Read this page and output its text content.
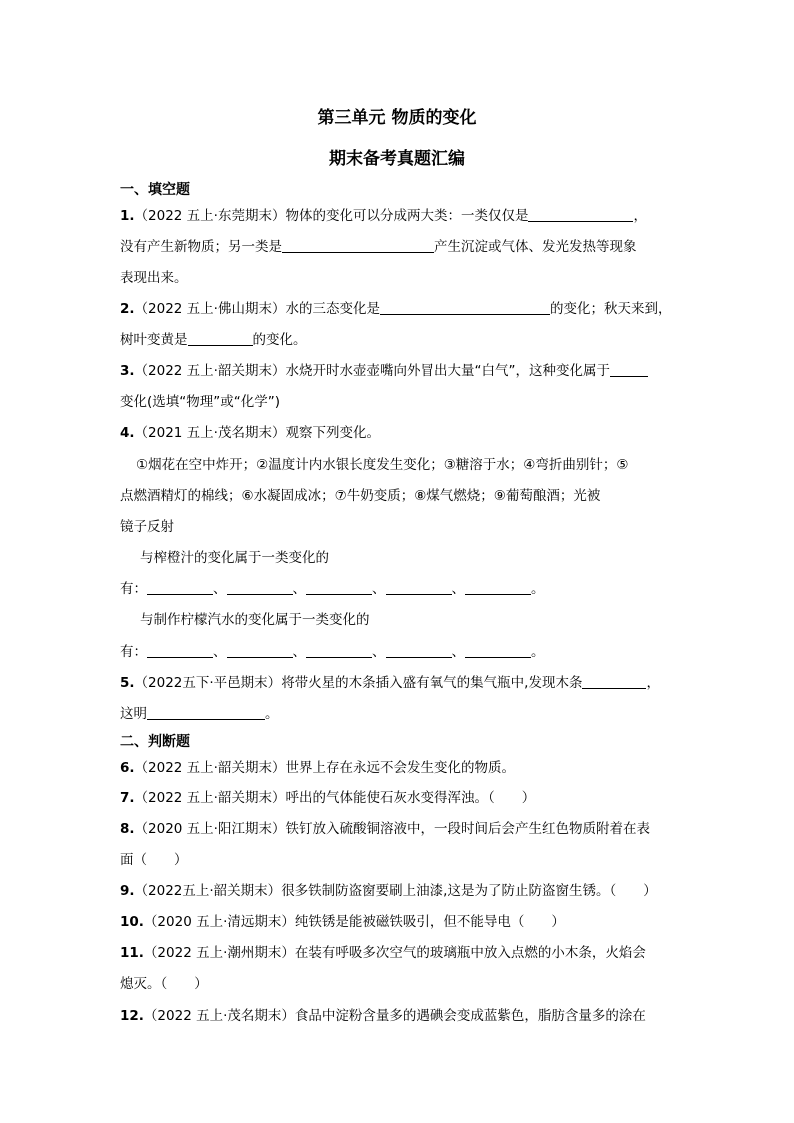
第三单元 物质的变化
期末备考真题汇编
一、填空题
1.（2022 五上·东莞期末）物体的变化可以分成两大类：一类仅仅是	，
没有产生新物质；另一类是	产生沉淀或气体、发光发热等现象
表现出来。
2.（2022 五上·佛山期末）水的三态变化是	的变化；秋天来到，
树叶变黄是	的变化。
3.（2022 五上·韶关期末）水烧开时水壶壶嘴向外冒出大量“白气”，这种变化属于
变化(选填“物理”或“化学”)
4.（2021 五上·茂名期末）观察下列变化。
①烟花在空中炸开；②温度计内水银长度发生变化；③糖溶于水；④弯折曲别针；⑤
点燃酒精灯的棉线；⑥水凝固成冰；⑦牛奶变质；⑧煤气燃烧；⑨葡萄酿酒；光被
镜子反射
与榨橙汁的变化属于一类变化的
有：	、	、	、	、	。
与制作柠檬汽水的变化属于一类变化的
有：	、	、	、	、	。
5.（2022五下·平邑期末）将带火星的木条插入盛有氧气的集气瓶中,发现木条	，
这明	。
二、判断题
6.（2022 五上·韶关期末）世界上存在永远不会发生变化的物质。
7.（2022 五上·韶关期末）呼出的气体能使石灰水变得浑浊。（　　）
8.（2020 五上·阳江期末）铁钉放入硫酸铜溶液中，一段时间后会产生红色物质附着在表
面（　　）
9.（2022五上·韶关期末）很多铁制防盗窗要刷上油漆,这是为了防止防盗窗生锈。（　　）
10.（2020 五上·清远期末）纯铁锈是能被磁铁吸引，但不能导电（　　）
11.（2022 五上·潮州期末）在装有呼吸多次空气的玻璃瓶中放入点燃的小木条，火焰会
熄灭。（　　）
12.（2022 五上·茂名期末）食品中淀粉含量多的遇碘会变成蓝紫色，脂肪含量多的涂在
